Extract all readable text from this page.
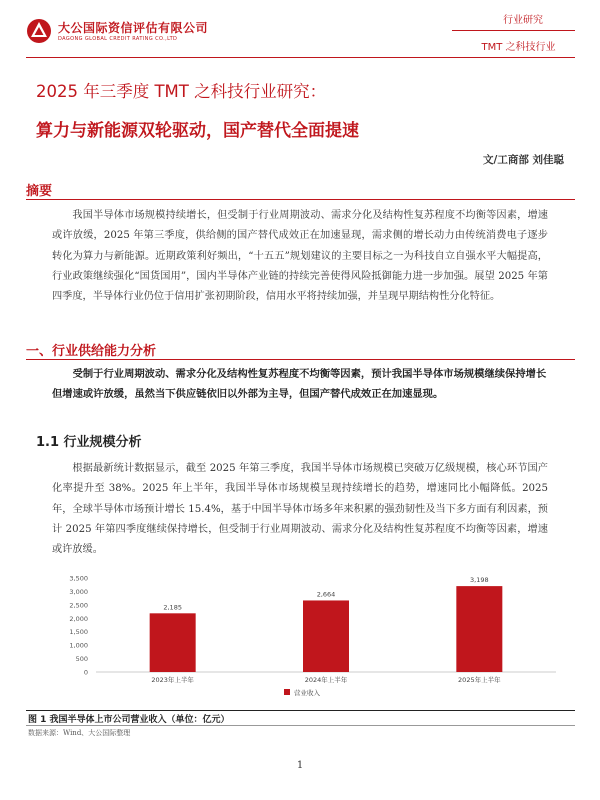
大公国际资信评估有限公司
DAGONG GLOBAL CREDIT RATING CO.,LTD
行业研究
TMT 之科技行业
2025 年三季度 TMT 之科技行业研究：
算力与新能源双轮驱动，国产替代全面提速
文/工商部 刘佳聪
摘要
我国半导体市场规模持续增长，但受制于行业周期波动、需求分化及结构性复苏程度不均衡等因素，增速或许放缓，2025 年第三季度，供给侧的国产替代成效正在加速显现，需求侧的增长动力由传统消费电子逐步转化为算力与新能源。近期政策利好频出，“十五五”规划建议的主要目标之一为科技自立自强水平大幅提高，行业政策继续强化“国货国用”，国内半导体产业链的持续完善使得风险抵御能力进一步加强。展望 2025 年第四季度，半导体行业仍位于信用扩张初期阶段，信用水平将持续加强，并呈现早期结构性分化特征。
一、行业供给能力分析
受制于行业周期波动、需求分化及结构性复苏程度不均衡等因素，预计我国半导体市场规模继续保持增长但增速或许放缓，虽然当下供应链依旧以外部为主导，但国产替代成效正在加速显现。
1.1 行业规模分析
根据最新统计数据显示，截至 2025 年第三季度，我国半导体市场规模已突破万亿级规模，核心环节国产化率提升至 38%。2025 年上半年，我国半导体市场规模呈现持续增长的趋势，增速同比小幅降低。2025 年，全球半导体市场预计增长 15.4%，基于中国半导体市场多年来积累的强劲韧性及当下多方面有利因素，预计 2025 年第四季度继续保持增长，但受制于行业周期波动、需求分化及结构性复苏程度不均衡等因素，增速或许放缓。
0
500
1,000
1,500
2,000
2,500
3,000
3,500
2,185
2023年上半年
2,664
2024年上半年
3,198
2025年上半年
营业收入
图 1 我国半导体上市公司营业收入（单位：亿元）
数据来源：Wind、大公国际整理
1
